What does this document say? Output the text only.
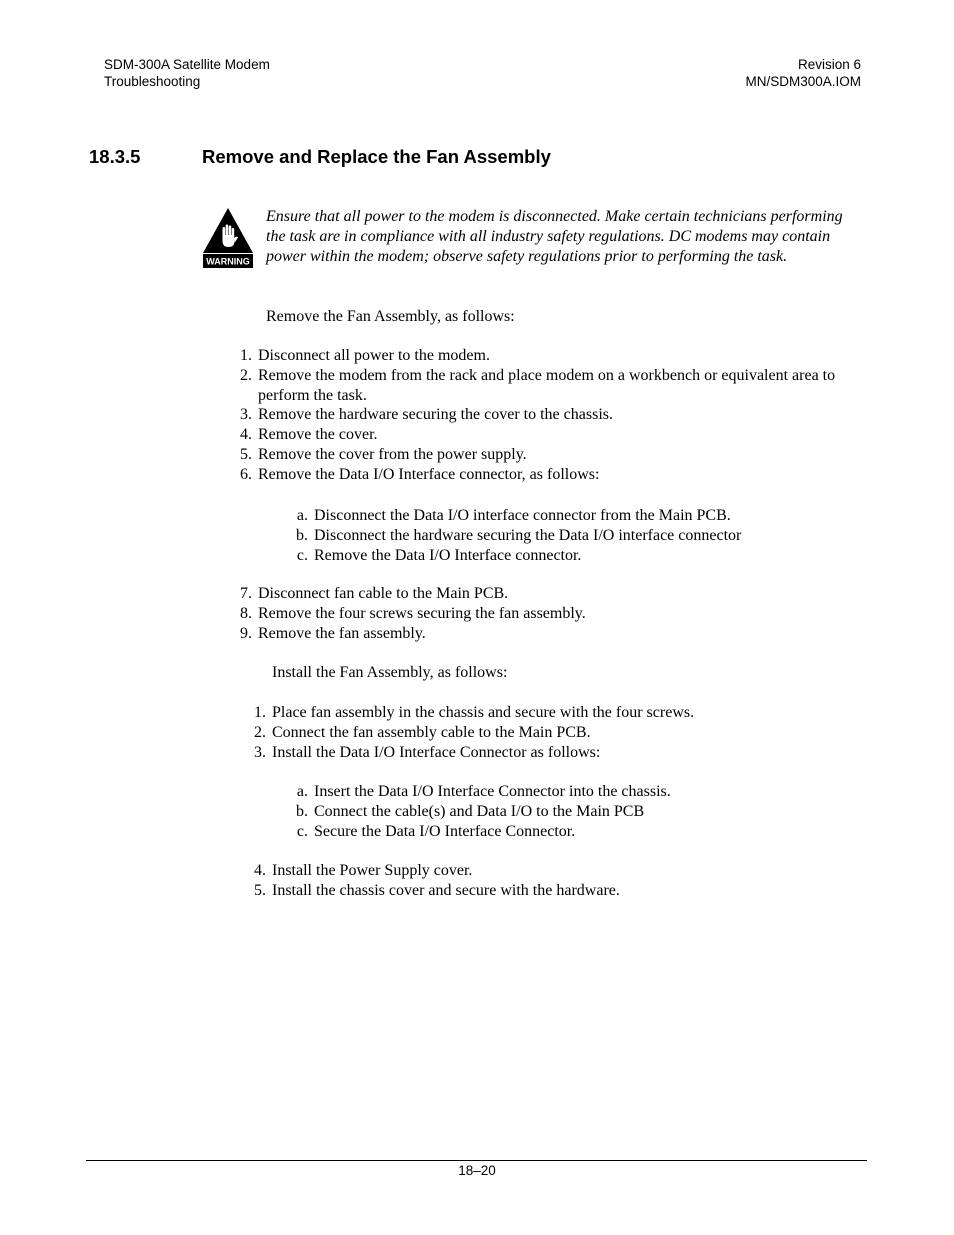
SDM-300A Satellite Modem
Troubleshooting
Revision 6
MN/SDM300A.IOM
18.3.5	Remove and Replace the Fan Assembly
WARNING
Ensure that all power to the modem is disconnected. Make certain technicians performing the task are in compliance with all industry safety regulations. DC modems may contain power within the modem; observe safety regulations prior to performing the task.
Remove the Fan Assembly, as follows:
1. Disconnect all power to the modem.
2. Remove the modem from the rack and place modem on a workbench or equivalent area to perform the task.
3. Remove the hardware securing the cover to the chassis.
4. Remove the cover.
5. Remove the cover from the power supply.
6. Remove the Data I/O Interface connector, as follows:
a. Disconnect the Data I/O interface connector from the Main PCB.
b. Disconnect the hardware securing the Data I/O interface connector
c. Remove the Data I/O Interface connector.
7. Disconnect fan cable to the Main PCB.
8. Remove the four screws securing the fan assembly.
9. Remove the fan assembly.
Install the Fan Assembly, as follows:
1. Place fan assembly in the chassis and secure with the four screws.
2. Connect the fan assembly cable to the Main PCB.
3. Install the Data I/O Interface Connector as follows:
a. Insert the Data I/O Interface Connector into the chassis.
b. Connect the cable(s) and Data I/O to the Main PCB
c. Secure the Data I/O Interface Connector.
4. Install the Power Supply cover.
5. Install the chassis cover and secure with the hardware.
18–20
